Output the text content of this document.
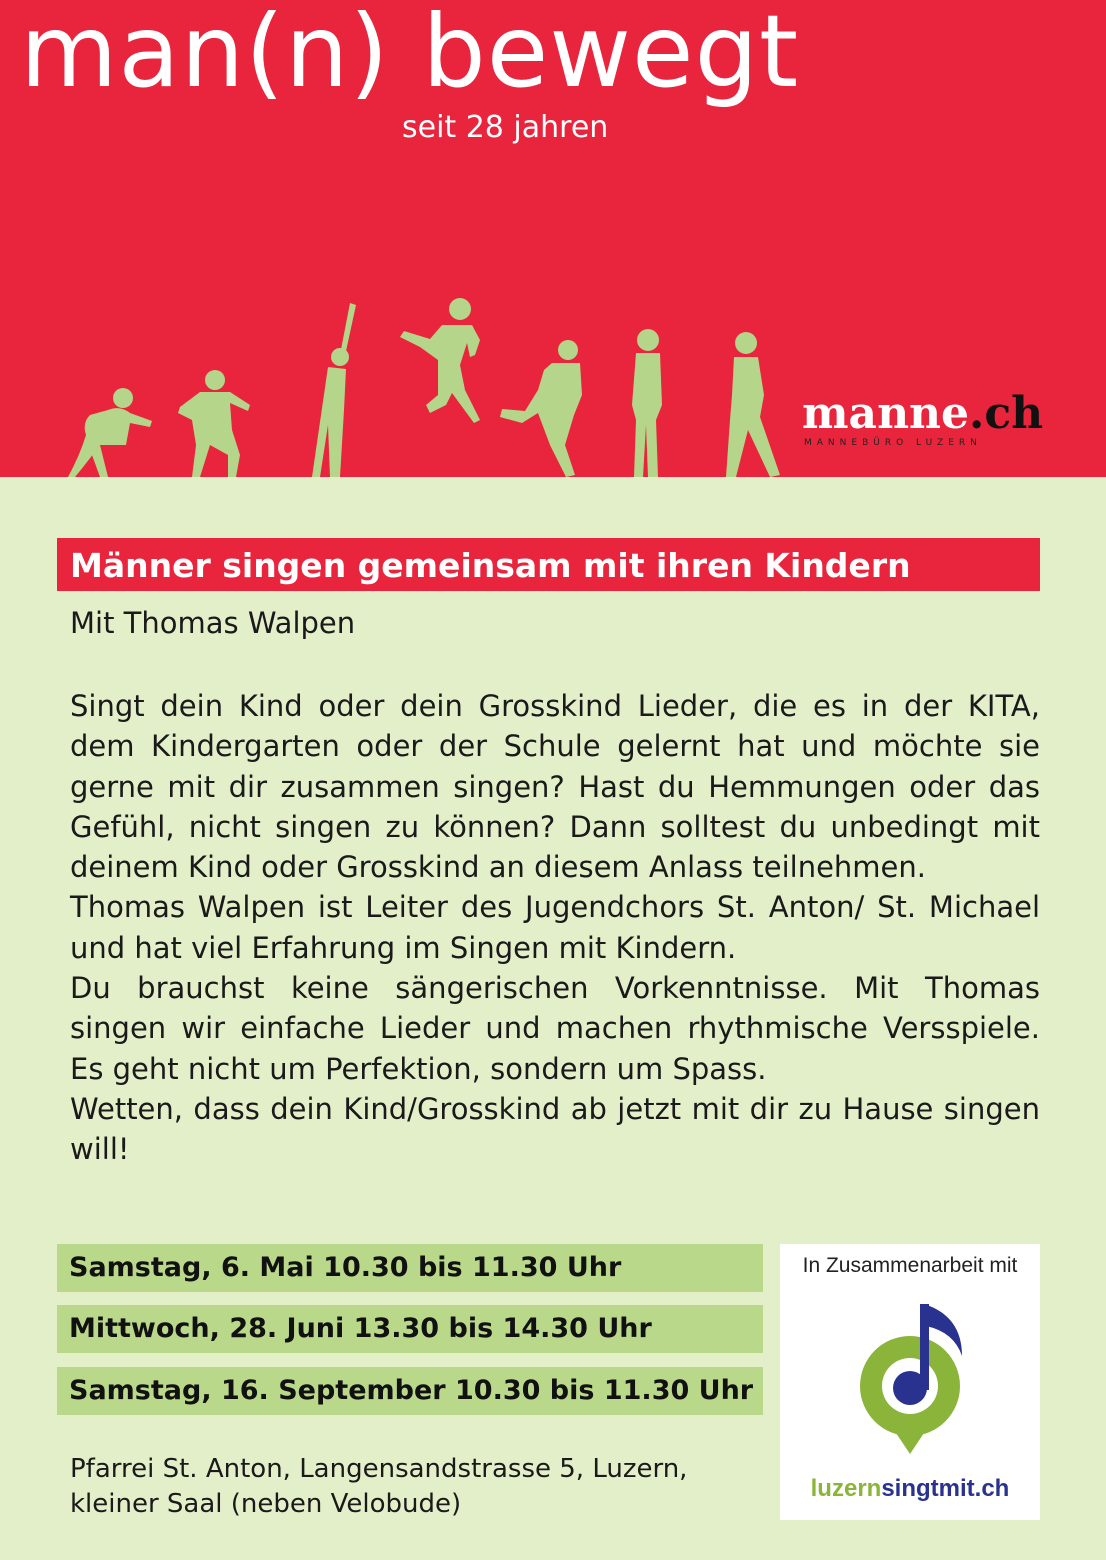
man(n) bewegt
seit 28 jahren
manne.ch
MANNEBÜRO LUZERN
Männer singen gemeinsam mit ihren Kindern
Mit Thomas Walpen

Singt dein Kind oder dein Grosskind Lieder, die es in der KITA, dem Kindergarten oder der Schule gelernt hat und möchte sie gerne mit dir zusammen singen? Hast du Hemmungen oder das Gefühl, nicht singen zu können? Dann solltest du unbedingt mit deinem Kind oder Grosskind an diesem Anlass teilnehmen.

Thomas Walpen ist Leiter des Jugendchors St. Anton/ St. Michael und hat viel Erfahrung im Singen mit Kindern.

Du brauchst keine sängerischen Vorkenntnisse. Mit Thomas singen wir einfache Lieder und machen rhythmische Versspiele. Es geht nicht um Perfektion, sondern um Spass.

Wetten, dass dein Kind/Grosskind ab jetzt mit dir zu Hause singen will!

Samstag, 6. Mai 10.30 bis 11.30 Uhr
Mittwoch, 28. Juni 13.30 bis 14.30 Uhr
Samstag, 16. September 10.30 bis 11.30 Uhr
Pfarrei St. Anton, Langensandstrasse 5, Luzern,
kleiner Saal (neben Velobude)
In Zusammenarbeit mit
luzernsingtmit.ch
